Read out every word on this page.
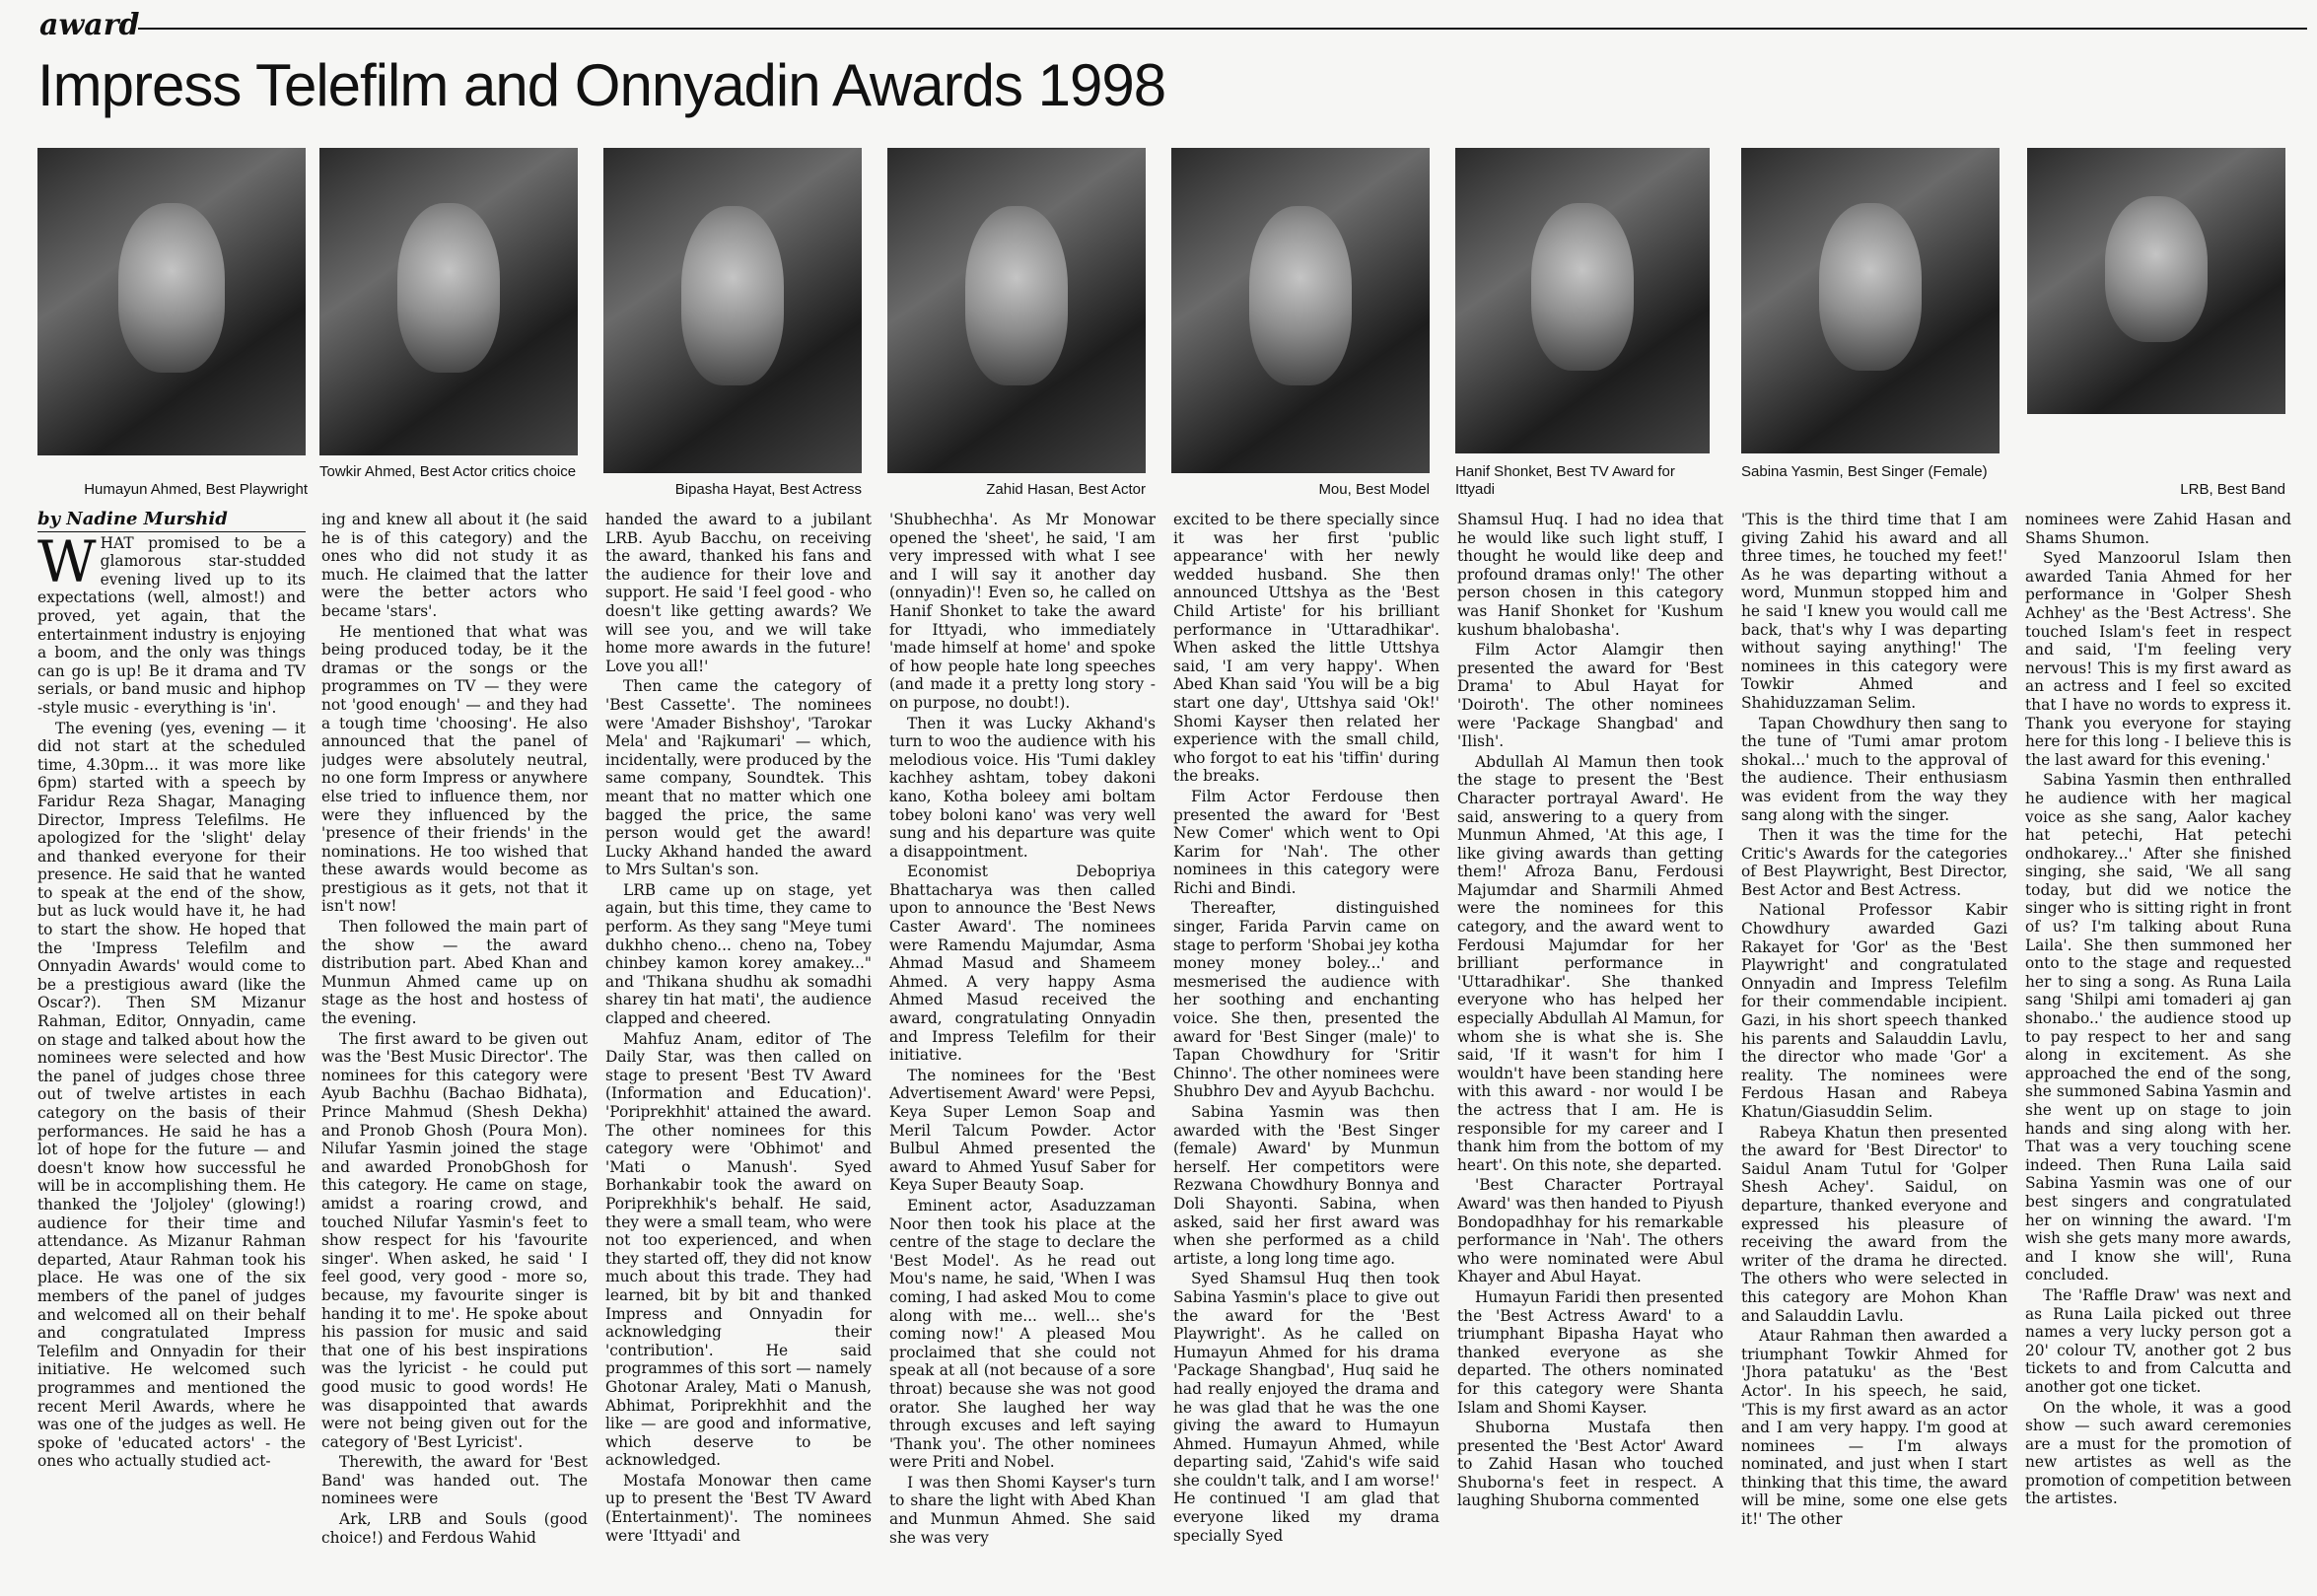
award
Impress Telefilm and Onnyadin Awards 1998
Humayun Ahmed, Best Playwright
Towkir Ahmed, Best Actor critics choice
Bipasha Hayat, Best Actress	Zahid Hasan, Best Actor	Mou, Best Model
Hanif Shonket, Best TV Award for Ittyadi
Sabina Yasmin, Best Singer (Female)
LRB, Best Band

by Nadine Murshid

WHAT promised to be a glamorous star-studded evening lived up to its expectations (well, almost!) and proved, yet again, that the entertainment industry is enjoying a boom, and the only was things can go is up! Be it drama and TV serials, or band music and hiphop -style music - everything is 'in'.

The evening (yes, evening — it did not start at the scheduled time, 4.30pm... it was more like 6pm) started with a speech by Faridur Reza Shagar, Managing Director, Impress Telefilms. He apologized for the 'slight' delay and thanked everyone for their presence. He said that he wanted to speak at the end of the show, but as luck would have it, he had to start the show. He hoped that the 'Impress Telefilm and Onnyadin Awards' would come to be a prestigious award (like the Oscar?). Then SM Mizanur Rahman, Editor, Onnyadin, came on stage and talked about how the nominees were selected and how the panel of judges chose three out of twelve artistes in each category on the basis of their performances. He said he has a lot of hope for the future — and doesn't know how successful he will be in accomplishing them. He thanked the 'Joljoley' (glowing!) audience for their time and attendance. As Mizanur Rahman departed, Ataur Rahman took his place. He was one of the six members of the panel of judges and welcomed all on their behalf and congratulated Impress Telefilm and Onnyadin for their initiative. He welcomed such programmes and mentioned the recent Meril Awards, where he was one of the judges as well. He spoke of 'educated actors' - the ones who actually studied act-

ing and knew all about it (he said he is of this category) and the ones who did not study it as much. He claimed that the latter were the better actors who became 'stars'.

He mentioned that what was being produced today, be it the dramas or the songs or the programmes on TV — they were not 'good enough' — and they had a tough time 'choosing'. He also announced that the panel of judges were absolutely neutral, no one form Impress or anywhere else tried to influence them, nor were they influenced by the 'presence of their friends' in the nominations. He too wished that these awards would become as prestigious as it gets, not that it isn't now!

Then followed the main part of the show — the award distribution part. Abed Khan and Munmun Ahmed came up on stage as the host and hostess of the evening.

The first award to be given out was the 'Best Music Director'. The nominees for this category were Ayub Bachhu (Bachao Bidhata), Prince Mahmud (Shesh Dekha) and Pronob Ghosh (Poura Mon). Nilufar Yasmin joined the stage and awarded PronobGhosh for this category. He came on stage, amidst a roaring crowd, and touched Nilufar Yasmin's feet to show respect for his 'favourite singer'. When asked, he said ' I feel good, very good - more so, because, my favourite singer is handing it to me'. He spoke about his passion for music and said that one of his best inspirations was the lyricist - he could put good music to good words! He was disappointed that awards were not being given out for the category of 'Best Lyricist'.

Therewith, the award for 'Best Band' was handed out. The nominees were

Ark, LRB and Souls (good choice!) and Ferdous Wahid

handed the award to a jubilant LRB. Ayub Bacchu, on receiving the award, thanked his fans and the audience for their love and support. He said 'I feel good - who doesn't like getting awards? We will see you, and we will take home more awards in the future! Love you all!'

Then came the category of 'Best Cassette'. The nominees were 'Amader Bishshoy', 'Tarokar Mela' and 'Rajkumari' — which, incidentally, were produced by the same company, Soundtek. This meant that no matter which one bagged the price, the same person would get the award! Lucky Akhand handed the award to Mrs Sultan's son.

LRB came up on stage, yet again, but this time, they came to perform. As they sang "Meye tumi dukhho cheno... cheno na, Tobey chinbey kamon korey amakey..." and 'Thikana shudhu ak somadhi sharey tin hat mati', the audience clapped and cheered.

Mahfuz Anam, editor of The Daily Star, was then called on stage to present 'Best TV Award (Information and Education)'. 'Poriprekhhit' attained the award. The other nominees for this category were 'Obhimot' and 'Mati o Manush'. Syed Borhankabir took the award on Poriprekhhik's behalf. He said, they were a small team, who were not too experienced, and when they started off, they did not know much about this trade. They had learned, bit by bit and thanked Impress and Onnyadin for acknowledging their 'contribution'. He said programmes of this sort — namely Ghotonar Araley, Mati o Manush, Abhimat, Poriprekhhit and the like — are good and informative, which deserve to be acknowledged.

Mostafa Monowar then came up to present the 'Best TV Award (Entertainment)'. The nominees were 'Ittyadi' and

'Shubhechha'. As Mr Monowar opened the 'sheet', he said, 'I am very impressed with what I see and I will say it another day (onnyadin)'! Even so, he called on Hanif Shonket to take the award for Ittyadi, who immediately 'made himself at home' and spoke of how people hate long speeches (and made it a pretty long story - on purpose, no doubt!).

Then it was Lucky Akhand's turn to woo the audience with his melodious voice. His 'Tumi dakley kachhey ashtam, tobey dakoni kano, Kotha boleey ami boltam tobey boloni kano' was very well sung and his departure was quite a disappointment.

Economist Debopriya Bhattacharya was then called upon to announce the 'Best News Caster Award'. The nominees were Ramendu Majumdar, Asma Ahmad Masud and Shameem Ahmed. A very happy Asma Ahmed Masud received the award, congratulating Onnyadin and Impress Telefilm for their initiative.

The nominees for the 'Best Advertisement Award' were Pepsi, Keya Super Lemon Soap and Meril Talcum Powder. Actor Bulbul Ahmed presented the award to Ahmed Yusuf Saber for Keya Super Beauty Soap.

Eminent actor, Asaduzzaman Noor then took his place at the centre of the stage to declare the 'Best Model'. As he read out Mou's name, he said, 'When I was coming, I had asked Mou to come along with me... well... she's coming now!' A pleased Mou proclaimed that she could not speak at all (not because of a sore throat) because she was not good orator. She laughed her way through excuses and left saying 'Thank you'. The other nominees were Priti and Nobel.

I was then Shomi Kayser's turn to share the light with Abed Khan and Munmun Ahmed. She said she was very

excited to be there specially since it was her first 'public appearance' with her newly wedded husband. She then announced Uttshya as the 'Best Child Artiste' for his brilliant performance in 'Uttaradhikar'. When asked the little Uttshya said, 'I am very happy'. When Abed Khan said 'You will be a big start one day', Uttshya said 'Ok!' Shomi Kayser then related her experience with the small child, who forgot to eat his 'tiffin' during the breaks.

Film Actor Ferdouse then presented the award for 'Best New Comer' which went to Opi Karim for 'Nah'. The other nominees in this category were Richi and Bindi.

Thereafter, distinguished singer, Farida Parvin came on stage to perform 'Shobai jey kotha money money boley...' and mesmerised the audience with her soothing and enchanting voice. She then, presented the award for 'Best Singer (male)' to Tapan Chowdhury for 'Sritir Chinno'. The other nominees were Shubhro Dev and Ayyub Bachchu.

Sabina Yasmin was then awarded with the 'Best Singer (female) Award' by Munmun herself. Her competitors were Rezwana Chowdhury Bonnya and Doli Shayonti. Sabina, when asked, said her first award was when she performed as a child artiste, a long long time ago.

Syed Shamsul Huq then took Sabina Yasmin's place to give out the award for the 'Best Playwright'. As he called on Humayun Ahmed for his drama 'Package Shangbad', Huq said he had really enjoyed the drama and he was glad that he was the one giving the award to Humayun Ahmed. Humayun Ahmed, while departing said, 'Zahid's wife said she couldn't talk, and I am worse!' He continued 'I am glad that everyone liked my drama specially Syed

Shamsul Huq. I had no idea that he would like such light stuff, I thought he would like deep and profound dramas only!' The other person chosen in this category was Hanif Shonket for 'Kushum kushum bhalobasha'.

Film Actor Alamgir then presented the award for 'Best Drama' to Abul Hayat for 'Doiroth'. The other nominees were 'Package Shangbad' and 'Ilish'.

Abdullah Al Mamun then took the stage to present the 'Best Character portrayal Award'. He said, answering to a query from Munmun Ahmed, 'At this age, I like giving awards than getting them!' Afroza Banu, Ferdousi Majumdar and Sharmili Ahmed were the nominees for this category, and the award went to Ferdousi Majumdar for her brilliant performance in 'Uttaradhikar'. She thanked everyone who has helped her especially Abdullah Al Mamun, for whom she is what she is. She said, 'If it wasn't for him I wouldn't have been standing here with this award - nor would I be the actress that I am. He is responsible for my career and I thank him from the bottom of my heart'. On this note, she departed.

'Best Character Portrayal Award' was then handed to Piyush Bondopadhhay for his remarkable performance in 'Nah'. The others who were nominated were Abul Khayer and Abul Hayat.

Humayun Faridi then presented the 'Best Actress Award' to a triumphant Bipasha Hayat who thanked everyone as she departed. The others nominated for this category were Shanta Islam and Shomi Kayser.

Shuborna Mustafa then presented the 'Best Actor' Award to Zahid Hasan who touched Shuborna's feet in respect. A laughing Shuborna commented

'This is the third time that I am giving Zahid his award and all three times, he touched my feet!' As he was departing without a word, Munmun stopped him and he said 'I knew you would call me back, that's why I was departing without saying anything!' The nominees in this category were Towkir Ahmed and Shahiduzzaman Selim.

Tapan Chowdhury then sang to the tune of 'Tumi amar protom shokal...' much to the approval of the audience. Their enthusiasm was evident from the way they sang along with the singer.

Then it was the time for the Critic's Awards for the categories of Best Playwright, Best Director, Best Actor and Best Actress.

National Professor Kabir Chowdhury awarded Gazi Rakayet for 'Gor' as the 'Best Playwright' and congratulated Onnyadin and Impress Telefilm for their commendable incipient. Gazi, in his short speech thanked his parents and Salauddin Lavlu, the director who made 'Gor' a reality. The nominees were Ferdous Hasan and Rabeya Khatun/Giasuddin Selim.

Rabeya Khatun then presented the award for 'Best Director' to Saidul Anam Tutul for 'Golper Shesh Achey'. Saidul, on departure, thanked everyone and expressed his pleasure of receiving the award from the writer of the drama he directed. The others who were selected in this category are Mohon Khan and Salauddin Lavlu.

Ataur Rahman then awarded a triumphant Towkir Ahmed for 'Jhora patatuku' as the 'Best Actor'. In his speech, he said, 'This is my first award as an actor and I am very happy. I'm good at nominees — I'm always nominated, and just when I start thinking that this time, the award will be mine, some one else gets it!' The other

nominees were Zahid Hasan and Shams Shumon.

Syed Manzoorul Islam then awarded Tania Ahmed for her performance in 'Golper Shesh Achhey' as the 'Best Actress'. She touched Islam's feet in respect and said, 'I'm feeling very nervous! This is my first award as an actress and I feel so excited that I have no words to express it. Thank you everyone for staying here for this long - I believe this is the last award for this evening.'

Sabina Yasmin then enthralled he audience with her magical voice as she sang, Aalor kachey hat petechi, Hat petechi ondhokarey...' After she finished singing, she said, 'We all sang today, but did we notice the singer who is sitting right in front of us? I'm talking about Runa Laila'. She then summoned her onto to the stage and requested her to sing a song. As Runa Laila sang 'Shilpi ami tomaderi aj gan shonabo..' the audience stood up to pay respect to her and sang along in excitement. As she approached the end of the song, she summoned Sabina Yasmin and she went up on stage to join hands and sing along with her. That was a very touching scene indeed. Then Runa Laila said Sabina Yasmin was one of our best singers and congratulated her on winning the award. 'I'm wish she gets many more awards, and I know she will', Runa concluded.

The 'Raffle Draw' was next and as Runa Laila picked out three names a very lucky person got a 20' colour TV, another got 2 bus tickets to and from Calcutta and another got one ticket.

On the whole, it was a good show — such award ceremonies are a must for the promotion of new artistes as well as the promotion of competition between the artistes.
